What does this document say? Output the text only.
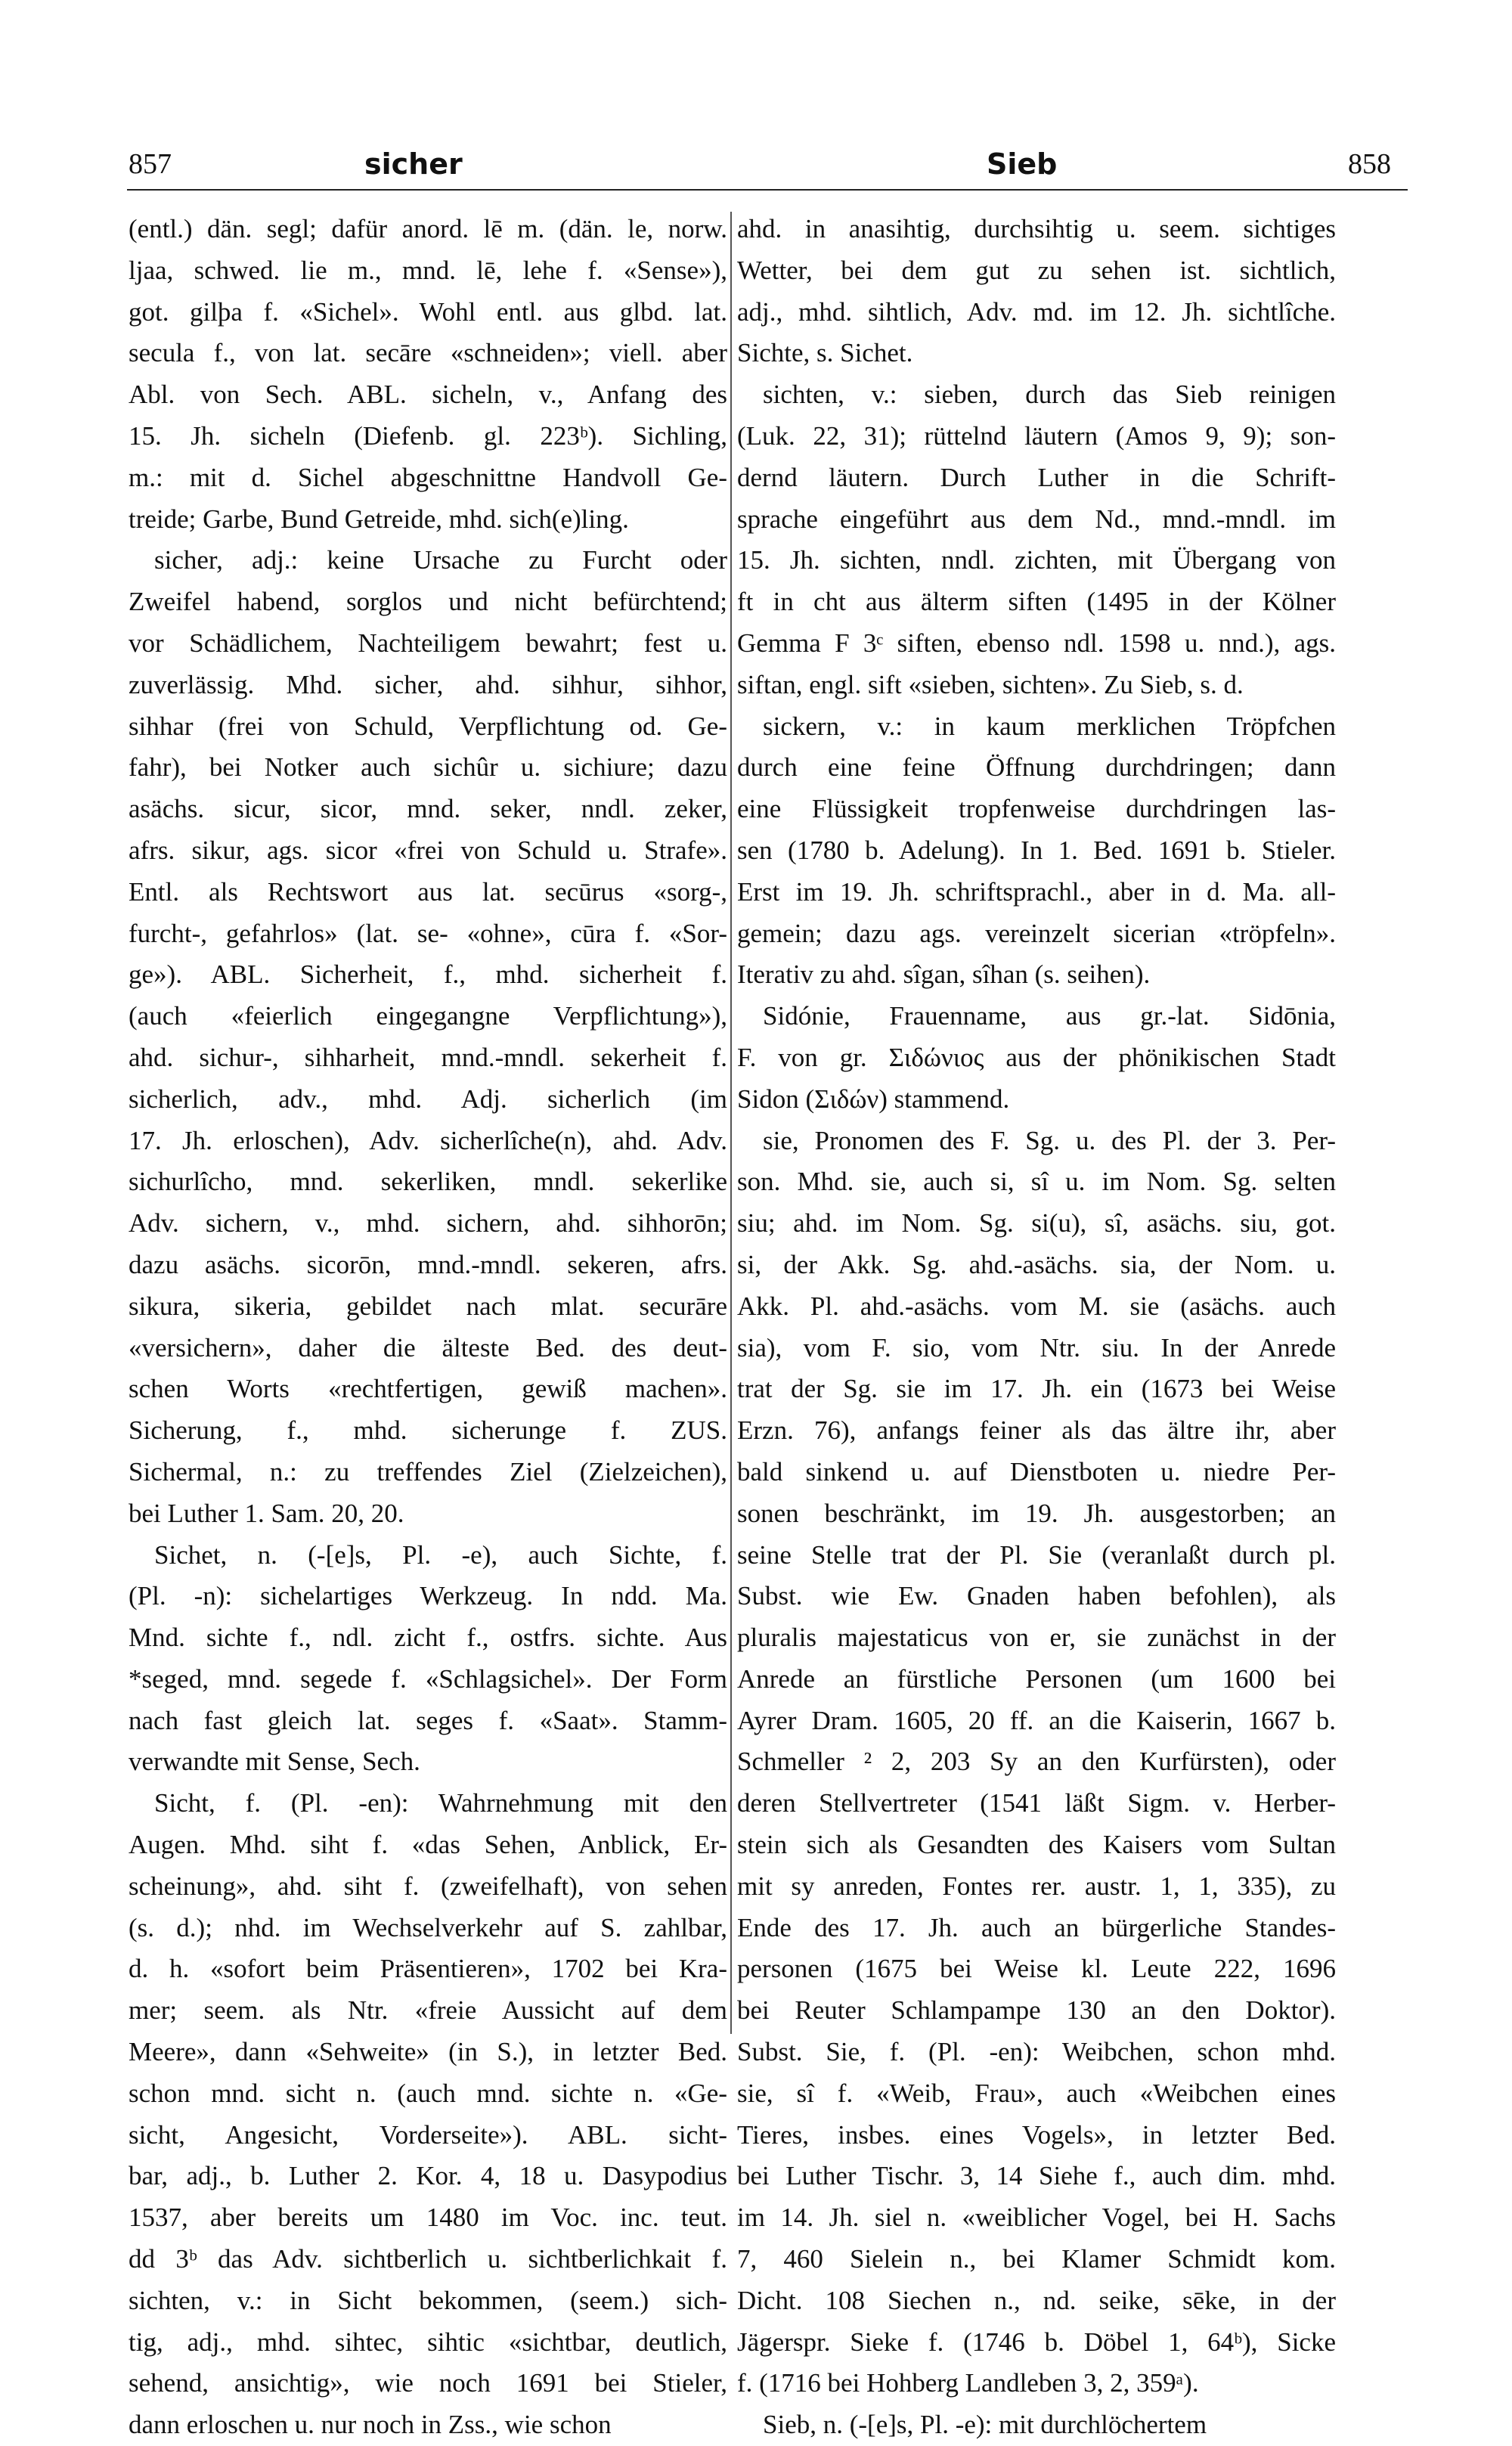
857	sicher	Sieb	858
(entl.) dän. segl; dafür anord. lē m. (dän. le, norw.
ljaa, schwed. lie m., mnd. lē, lehe f. «Sense»),
got. gilþa f. «Sichel». Wohl entl. aus glbd. lat.
secula f., von lat. secāre «schneiden»; viell. aber
Abl. von Sech. ABL. sicheln, v., Anfang des
15. Jh. sicheln (Diefenb. gl. 223ᵇ). Sichling,
m.: mit d. Sichel abgeschnittne Handvoll Ge-
treide; Garbe, Bund Getreide, mhd. sich(e)ling.
sicher, adj.: keine Ursache zu Furcht oder
Zweifel habend, sorglos und nicht befürchtend;
vor Schädlichem, Nachteiligem bewahrt; fest u.
zuverlässig. Mhd. sicher, ahd. sihhur, sihhor,
sihhar (frei von Schuld, Verpflichtung od. Ge-
fahr), bei Notker auch sichûr u. sichiure; dazu
asächs. sicur, sicor, mnd. seker, nndl. zeker,
afrs. sikur, ags. sicor «frei von Schuld u. Strafe».
Entl. als Rechtswort aus lat. secūrus «sorg-,
furcht-, gefahrlos» (lat. se- «ohne», cūra f. «Sor-
ge»). ABL. Sicherheit, f., mhd. sicherheit f.
(auch «feierlich eingegangne Verpflichtung»),
ahd. sichur-, sihharheit, mnd.-mndl. sekerheit f.
sicherlich, adv., mhd. Adj. sicherlich (im
17. Jh. erloschen), Adv. sicherlîche(n), ahd. Adv.
sichurlîcho, mnd. sekerliken, mndl. sekerlike
Adv. sichern, v., mhd. sichern, ahd. sihhorōn;
dazu asächs. sicorōn, mnd.-mndl. sekeren, afrs.
sikura, sikeria, gebildet nach mlat. securāre
«versichern», daher die älteste Bed. des deut-
schen Worts «rechtfertigen, gewiß machen».
Sicherung, f., mhd. sicherunge f. ZUS.
Sichermal, n.: zu treffendes Ziel (Zielzeichen),
bei Luther 1. Sam. 20, 20.
Sichet, n. (-[e]s, Pl. -e), auch Sichte, f.
(Pl. -n): sichelartiges Werkzeug. In ndd. Ma.
Mnd. sichte f., ndl. zicht f., ostfrs. sichte. Aus
*seged, mnd. segede f. «Schlagsichel». Der Form
nach fast gleich lat. seges f. «Saat». Stamm-
verwandte mit Sense, Sech.
Sicht, f. (Pl. -en): Wahrnehmung mit den
Augen. Mhd. siht f. «das Sehen, Anblick, Er-
scheinung», ahd. siht f. (zweifelhaft), von sehen
(s. d.); nhd. im Wechselverkehr auf S. zahlbar,
d. h. «sofort beim Präsentieren», 1702 bei Kra-
mer; seem. als Ntr. «freie Aussicht auf dem
Meere», dann «Sehweite» (in S.), in letzter Bed.
schon mnd. sicht n. (auch mnd. sichte n. «Ge-
sicht, Angesicht, Vorderseite»). ABL. sicht-
bar, adj., b. Luther 2. Kor. 4, 18 u. Dasypodius
1537, aber bereits um 1480 im Voc. inc. teut.
dd 3ᵇ das Adv. sichtberlich u. sichtberlichkait f.
sichten, v.: in Sicht bekommen, (seem.) sich-
tig, adj., mhd. sihtec, sihtic «sichtbar, deutlich,
sehend, ansichtig», wie noch 1691 bei Stieler,
dann erloschen u. nur noch in Zss., wie schon
ahd. in anasihtig, durchsihtig u. seem. sichtiges
Wetter, bei dem gut zu sehen ist. sichtlich,
adj., mhd. sihtlich, Adv. md. im 12. Jh. sichtlîche.
Sichte, s. Sichet.
sichten, v.: sieben, durch das Sieb reinigen
(Luk. 22, 31); rüttelnd läutern (Amos 9, 9); son-
dernd läutern. Durch Luther in die Schrift-
sprache eingeführt aus dem Nd., mnd.-mndl. im
15. Jh. sichten, nndl. zichten, mit Übergang von
ft in cht aus älterm siften (1495 in der Kölner
Gemma F 3ᶜ siften, ebenso ndl. 1598 u. nnd.), ags.
siftan, engl. sift «sieben, sichten». Zu Sieb, s. d.
sickern, v.: in kaum merklichen Tröpfchen
durch eine feine Öffnung durchdringen; dann
eine Flüssigkeit tropfenweise durchdringen las-
sen (1780 b. Adelung). In 1. Bed. 1691 b. Stieler.
Erst im 19. Jh. schriftsprachl., aber in d. Ma. all-
gemein; dazu ags. vereinzelt sicerian «tröpfeln».
Iterativ zu ahd. sîgan, sîhan (s. seihen).
Sidónie, Frauenname, aus gr.-lat. Sidōnia,
F. von gr. Σιδώνιος aus der phönikischen Stadt
Sidon (Σιδών) stammend.
sie, Pronomen des F. Sg. u. des Pl. der 3. Per-
son. Mhd. sie, auch si, sî u. im Nom. Sg. selten
siu; ahd. im Nom. Sg. si(u), sî, asächs. siu, got.
si, der Akk. Sg. ahd.-asächs. sia, der Nom. u.
Akk. Pl. ahd.-asächs. vom M. sie (asächs. auch
sia), vom F. sio, vom Ntr. siu. In der Anrede
trat der Sg. sie im 17. Jh. ein (1673 bei Weise
Erzn. 76), anfangs feiner als das ältre ihr, aber
bald sinkend u. auf Dienstboten u. niedre Per-
sonen beschränkt, im 19. Jh. ausgestorben; an
seine Stelle trat der Pl. Sie (veranlaßt durch pl.
Subst. wie Ew. Gnaden haben befohlen), als
pluralis majestaticus von er, sie zunächst in der
Anrede an fürstliche Personen (um 1600 bei
Ayrer Dram. 1605, 20 ff. an die Kaiserin, 1667 b.
Schmeller ² 2, 203 Sy an den Kurfürsten), oder
deren Stellvertreter (1541 läßt Sigm. v. Herber-
stein sich als Gesandten des Kaisers vom Sultan
mit sy anreden, Fontes rer. austr. 1, 1, 335), zu
Ende des 17. Jh. auch an bürgerliche Standes-
personen (1675 bei Weise kl. Leute 222, 1696
bei Reuter Schlampampe 130 an den Doktor).
Subst. Sie, f. (Pl. -en): Weibchen, schon mhd.
sie, sî f. «Weib, Frau», auch «Weibchen eines
Tieres, insbes. eines Vogels», in letzter Bed.
bei Luther Tischr. 3, 14 Siehe f., auch dim. mhd.
im 14. Jh. siel n. «weiblicher Vogel, bei H. Sachs
7, 460 Sielein n., bei Klamer Schmidt kom.
Dicht. 108 Siechen n., nd. seike, sēke, in der
Jägerspr. Sieke f. (1746 b. Döbel 1, 64ᵇ), Sicke
f. (1716 bei Hohberg Landleben 3, 2, 359ᵃ).
Sieb, n. (-[e]s, Pl. -e): mit durchlöchertem
